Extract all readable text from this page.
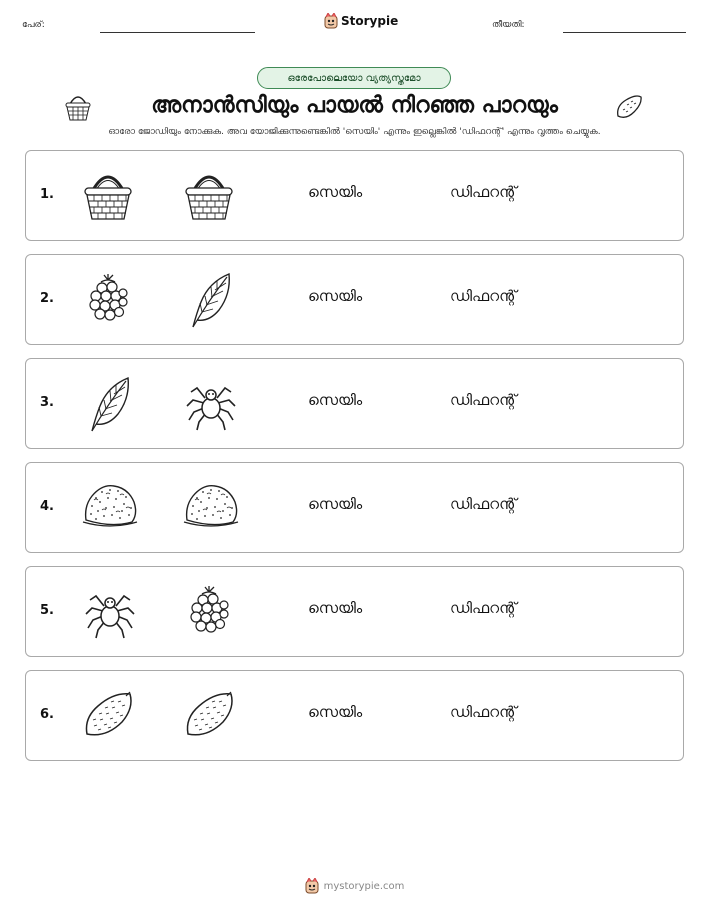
പേര്:	Storypie	തീയതി:
ഒരേപോലെയോ വ്യത്യസ്തമോ
അനാൻസിയും പായൽ നിറഞ്ഞ പാറയും
ഓരോ ജോഡിയും നോക്കുക. അവ യോജിക്കുന്നുണ്ടെങ്കിൽ 'സെയിം' എന്നും ഇല്ലെങ്കിൽ 'ഡിഫറന്റ്' എന്നും വൃത്തം ചെയ്യുക.
1.	സെയിം	ഡിഫറന്റ്
2.	സെയിം	ഡിഫറന്റ്
3.	സെയിം	ഡിഫറന്റ്
4.	സെയിം	ഡിഫറന്റ്
5.	സെയിം	ഡിഫറന്റ്
6.	സെയിം	ഡിഫറന്റ്
mystorypie.com
